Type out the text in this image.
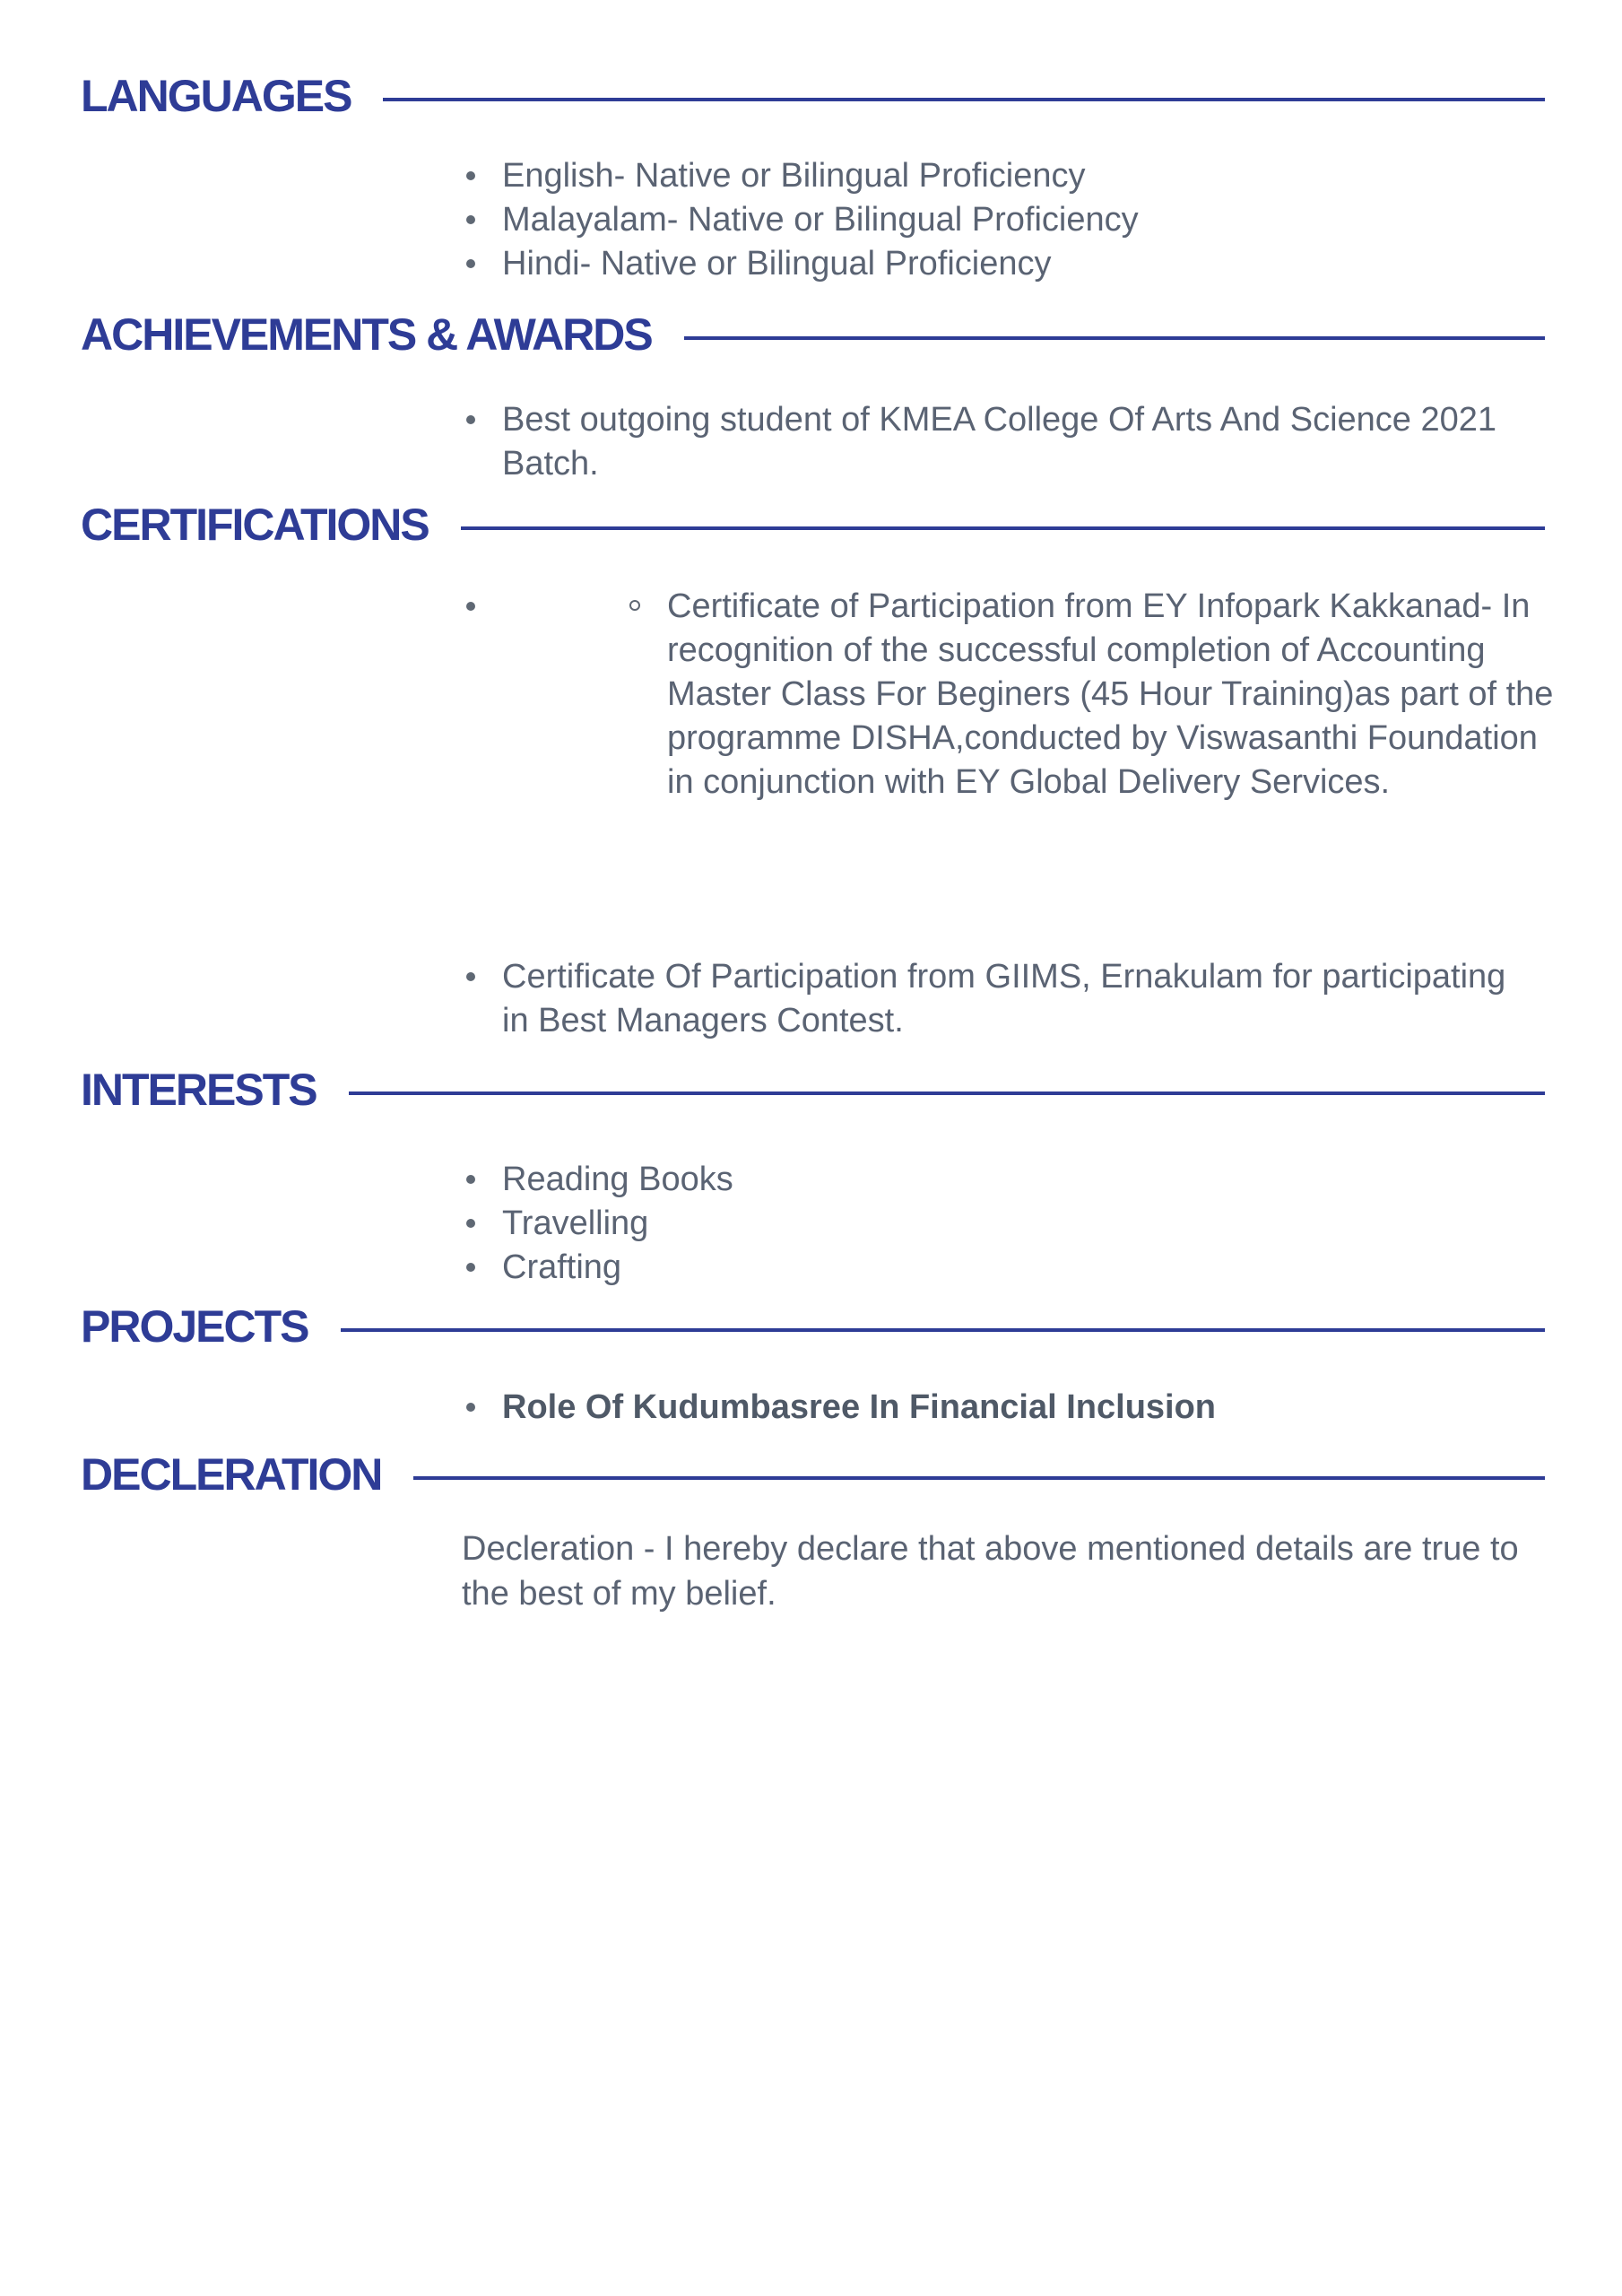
LANGUAGES
English- Native or Bilingual Proficiency
Malayalam- Native or Bilingual Proficiency
Hindi- Native or Bilingual Proficiency
ACHIEVEMENTS & AWARDS
Best outgoing student of KMEA College Of Arts And Science 2021 Batch.
CERTIFICATIONS
Certificate of Participation from EY Infopark Kakkanad- In recognition of the successful completion of Accounting Master Class For Beginers (45 Hour Training)as part of the programme DISHA,conducted by Viswasanthi Foundation in conjunction with EY Global Delivery Services.
Certificate Of Participation from GIIMS, Ernakulam for participating in Best Managers Contest.
INTERESTS
Reading Books
Travelling
Crafting
PROJECTS
Role Of Kudumbasree In Financial Inclusion
DECLERATION

Decleration - I hereby declare that above mentioned details are true to the best of my belief.
